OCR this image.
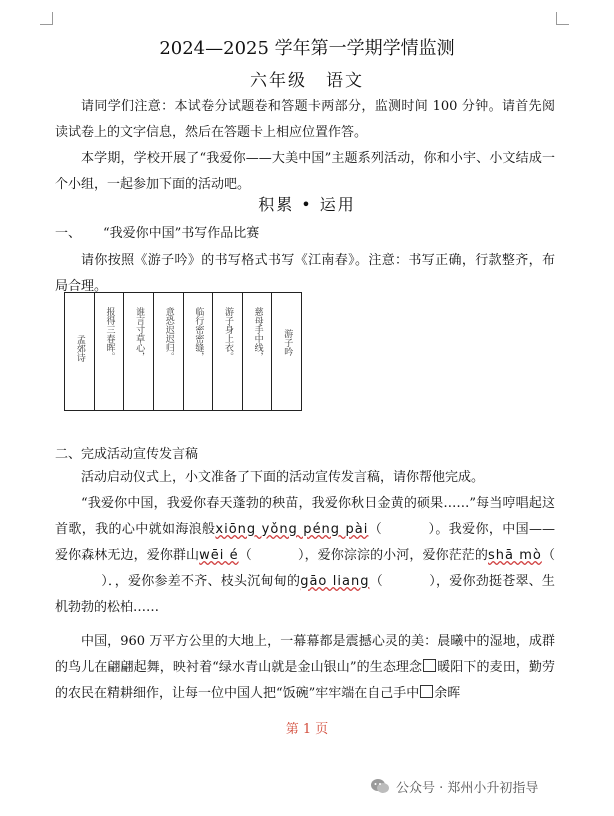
2024—2025 学年第一学期学情监测
六年级　语文
请同学们注意：本试卷分试题卷和答题卡两部分，监测时间 100 分钟。请首先阅读试卷上的文字信息，然后在答题卡上相应位置作答。
本学期，学校开展了“我爱你——大美中国”主题系列活动，你和小宇、小文结成一个小组，一起参加下面的活动吧。
积累 • 运用
一、 “我爱你中国”书写作品比赛
请你按照《游子吟》的书写格式书写《江南春》。注意：书写正确，行款整齐，布局合理。
孟郊诗 报得三春晖。 谁言寸草心， 意恐迟迟归。 临行密密缝， 游子身上衣。 慈母手中线， 游子吟
二、完成活动宣传发言稿
活动启动仪式上，小文准备了下面的活动宣传发言稿，请你帮他完成。
“我爱你中国，我爱你春天蓬勃的秧苗，我爱你秋日金黄的硕果……”每当哼唱起这首歌，我的心中就如海浪般xiōng yǒng péng pài（	）。我爱你，中国——爱你森林无边，爱你群山wēi é（	），爱你淙淙的小河，爱你茫茫的shā mò（）．，爱你参差不齐、枝头沉甸甸的gāo liang（	），爱你劲挺苍翠、生机勃勃的松柏……
中国，960 万平方公里的大地上，一幕幕都是震撼心灵的美：晨曦中的湿地，成群的鸟儿在翩翩起舞，映衬着“绿水青山就是金山银山”的生态理念 暖阳下的麦田，勤劳的农民在精耕细作，让每一位中国人把“饭碗”牢牢端在自己手中 余晖
第 1 页
公众号 · 郑州小升初指导
